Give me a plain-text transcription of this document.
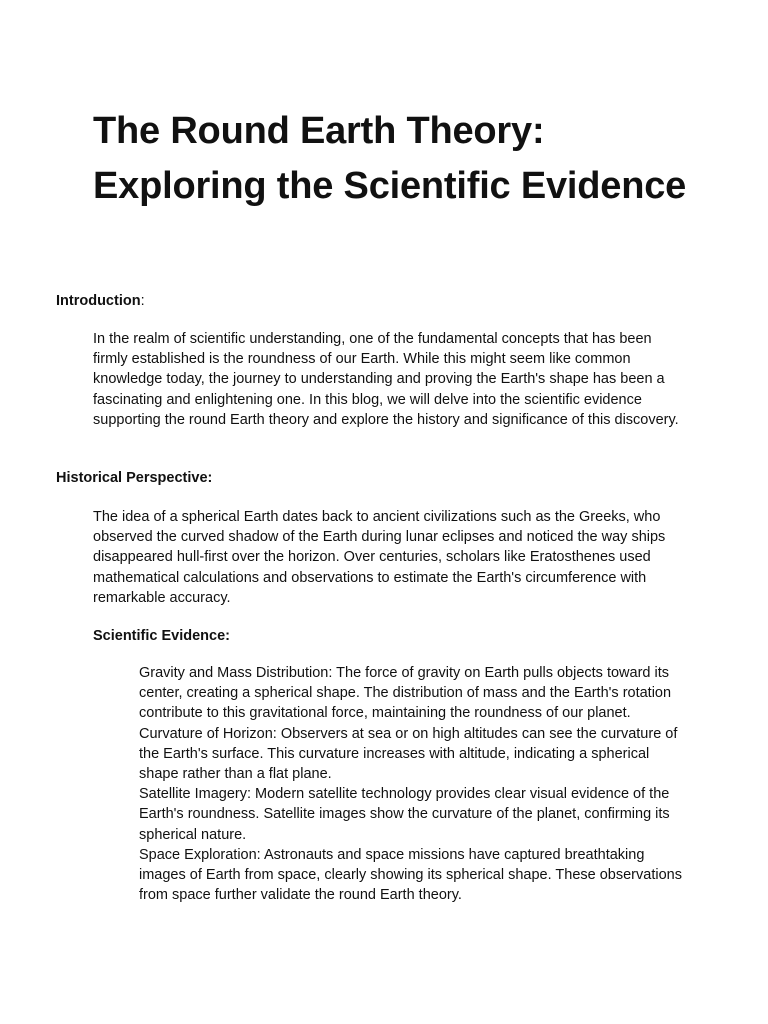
The Round Earth Theory: Exploring the Scientific Evidence

Introduction:

In the realm of scientific understanding, one of the fundamental concepts that has been firmly established is the roundness of our Earth. While this might seem like common knowledge today, the journey to understanding and proving the Earth's shape has been a fascinating and enlightening one. In this blog, we will delve into the scientific evidence supporting the round Earth theory and explore the history and significance of this discovery.

Historical Perspective:

The idea of a spherical Earth dates back to ancient civilizations such as the Greeks, who observed the curved shadow of the Earth during lunar eclipses and noticed the way ships disappeared hull-first over the horizon. Over centuries, scholars like Eratosthenes used mathematical calculations and observations to estimate the Earth's circumference with remarkable accuracy.

Scientific Evidence:

Gravity and Mass Distribution: The force of gravity on Earth pulls objects toward its center, creating a spherical shape. The distribution of mass and the Earth's rotation contribute to this gravitational force, maintaining the roundness of our planet.
Curvature of Horizon: Observers at sea or on high altitudes can see the curvature of the Earth's surface. This curvature increases with altitude, indicating a spherical shape rather than a flat plane.
Satellite Imagery: Modern satellite technology provides clear visual evidence of the Earth's roundness. Satellite images show the curvature of the planet, confirming its spherical nature.
Space Exploration: Astronauts and space missions have captured breathtaking images of Earth from space, clearly showing its spherical shape. These observations from space further validate the round Earth theory.
